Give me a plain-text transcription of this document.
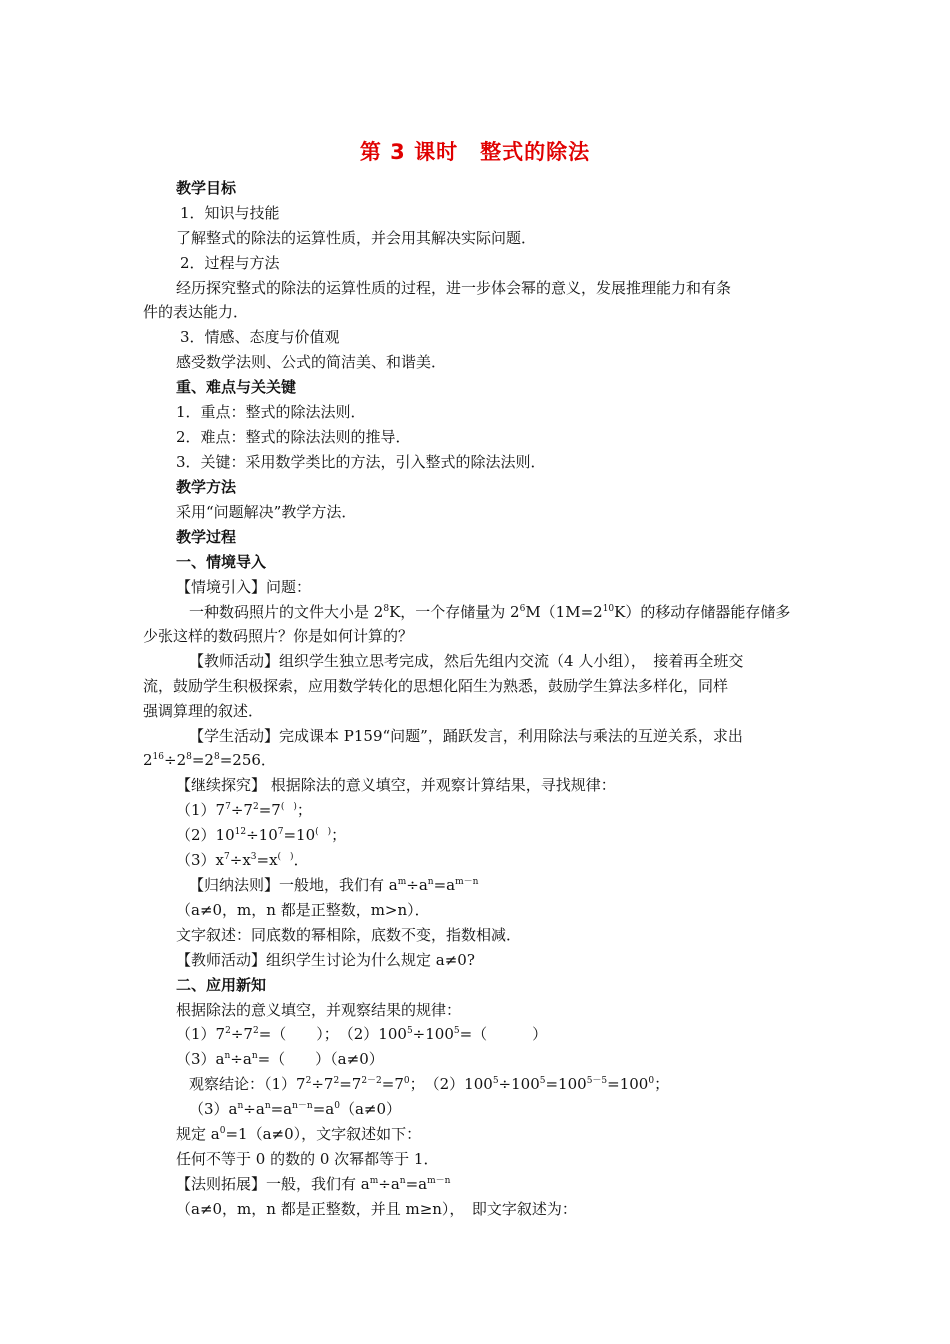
第 3 课时　整式的除法
教学目标
1．知识与技能
了解整式的除法的运算性质，并会用其解决实际问题．
2．过程与方法
经历探究整式的除法的运算性质的过程，进一步体会幂的意义，发展推理能力和有条
件的表达能力．
3．情感、态度与价值观
感受数学法则、公式的简洁美、和谐美．
重、难点与关关键
1．重点：整式的除法法则．
2．难点：整式的除法法则的推导．
3．关键：采用数学类比的方法，引入整式的除法法则．
教学方法
采用“问题解决”教学方法．
教学过程
一、情境导入
【情境引入】问题：
一种数码照片的文件大小是 $2^8K$，一个存储量为 $2^6M(1M=2^{10}K)$的移动存储器能存储多
少张这样的数码照片？你是如何计算的？
【教师活动】组织学生独立思考完成，然后先组内交流（4 人小组），　接着再全班交
流，鼓励学生积极探索，应用数学转化的思想化陌生为熟悉，鼓励学生算法多样化，同样
强调算理的叙述．
【学生活动】完成课本 P159“问题”，踊跃发言，利用除法与乘法的互逆关系，求出
$2^{16}\div 2^8=2^8=256$．
【继续探究】 根据除法的意义填空，并观察计算结果，寻找规律：
$(1)7^7\div 7^2=7^{( )}$；
$(2)10^{12}\div 10^7=10^{( )}$；
$(3)x^7\div x^3=x^{( )}$．
【归纳法则】一般地，我们有 $a^m\div a^n=a^{m-n}$
（a≠0，m，n 都是正整数，m>n）．
文字叙述：同底数的幂相除，底数不变，指数相减．
【教师活动】组织学生讨论为什么规定 a≠0?
二、应用新知
根据除法的意义填空，并观察结果的规律：
$(1)7^2\div 7^2=$（　　）；　$(2)100^5\div 100^5=$（　　　）
$(3)a^n\div a^n=$（　　）（a≠0）
观察结论：$(1)7^2\div 7^2=7^{2-2}=7^0$；　$(2)100^5\div 100^5=100^{5-5}=100^0$；
$(3)a^n\div a^n=a^{n-n}=a^0(a\ne 0)$
规定 $a^0=1(a\ne 0)$，文字叙述如下：
任何不等于 0 的数的 0 次幂都等于 1．
【法则拓展】一般，我们有 $a^m\div a^n=a^{m-n}$
（a≠0，m，n 都是正整数，并且 m≥n），　即文字叙述为：
